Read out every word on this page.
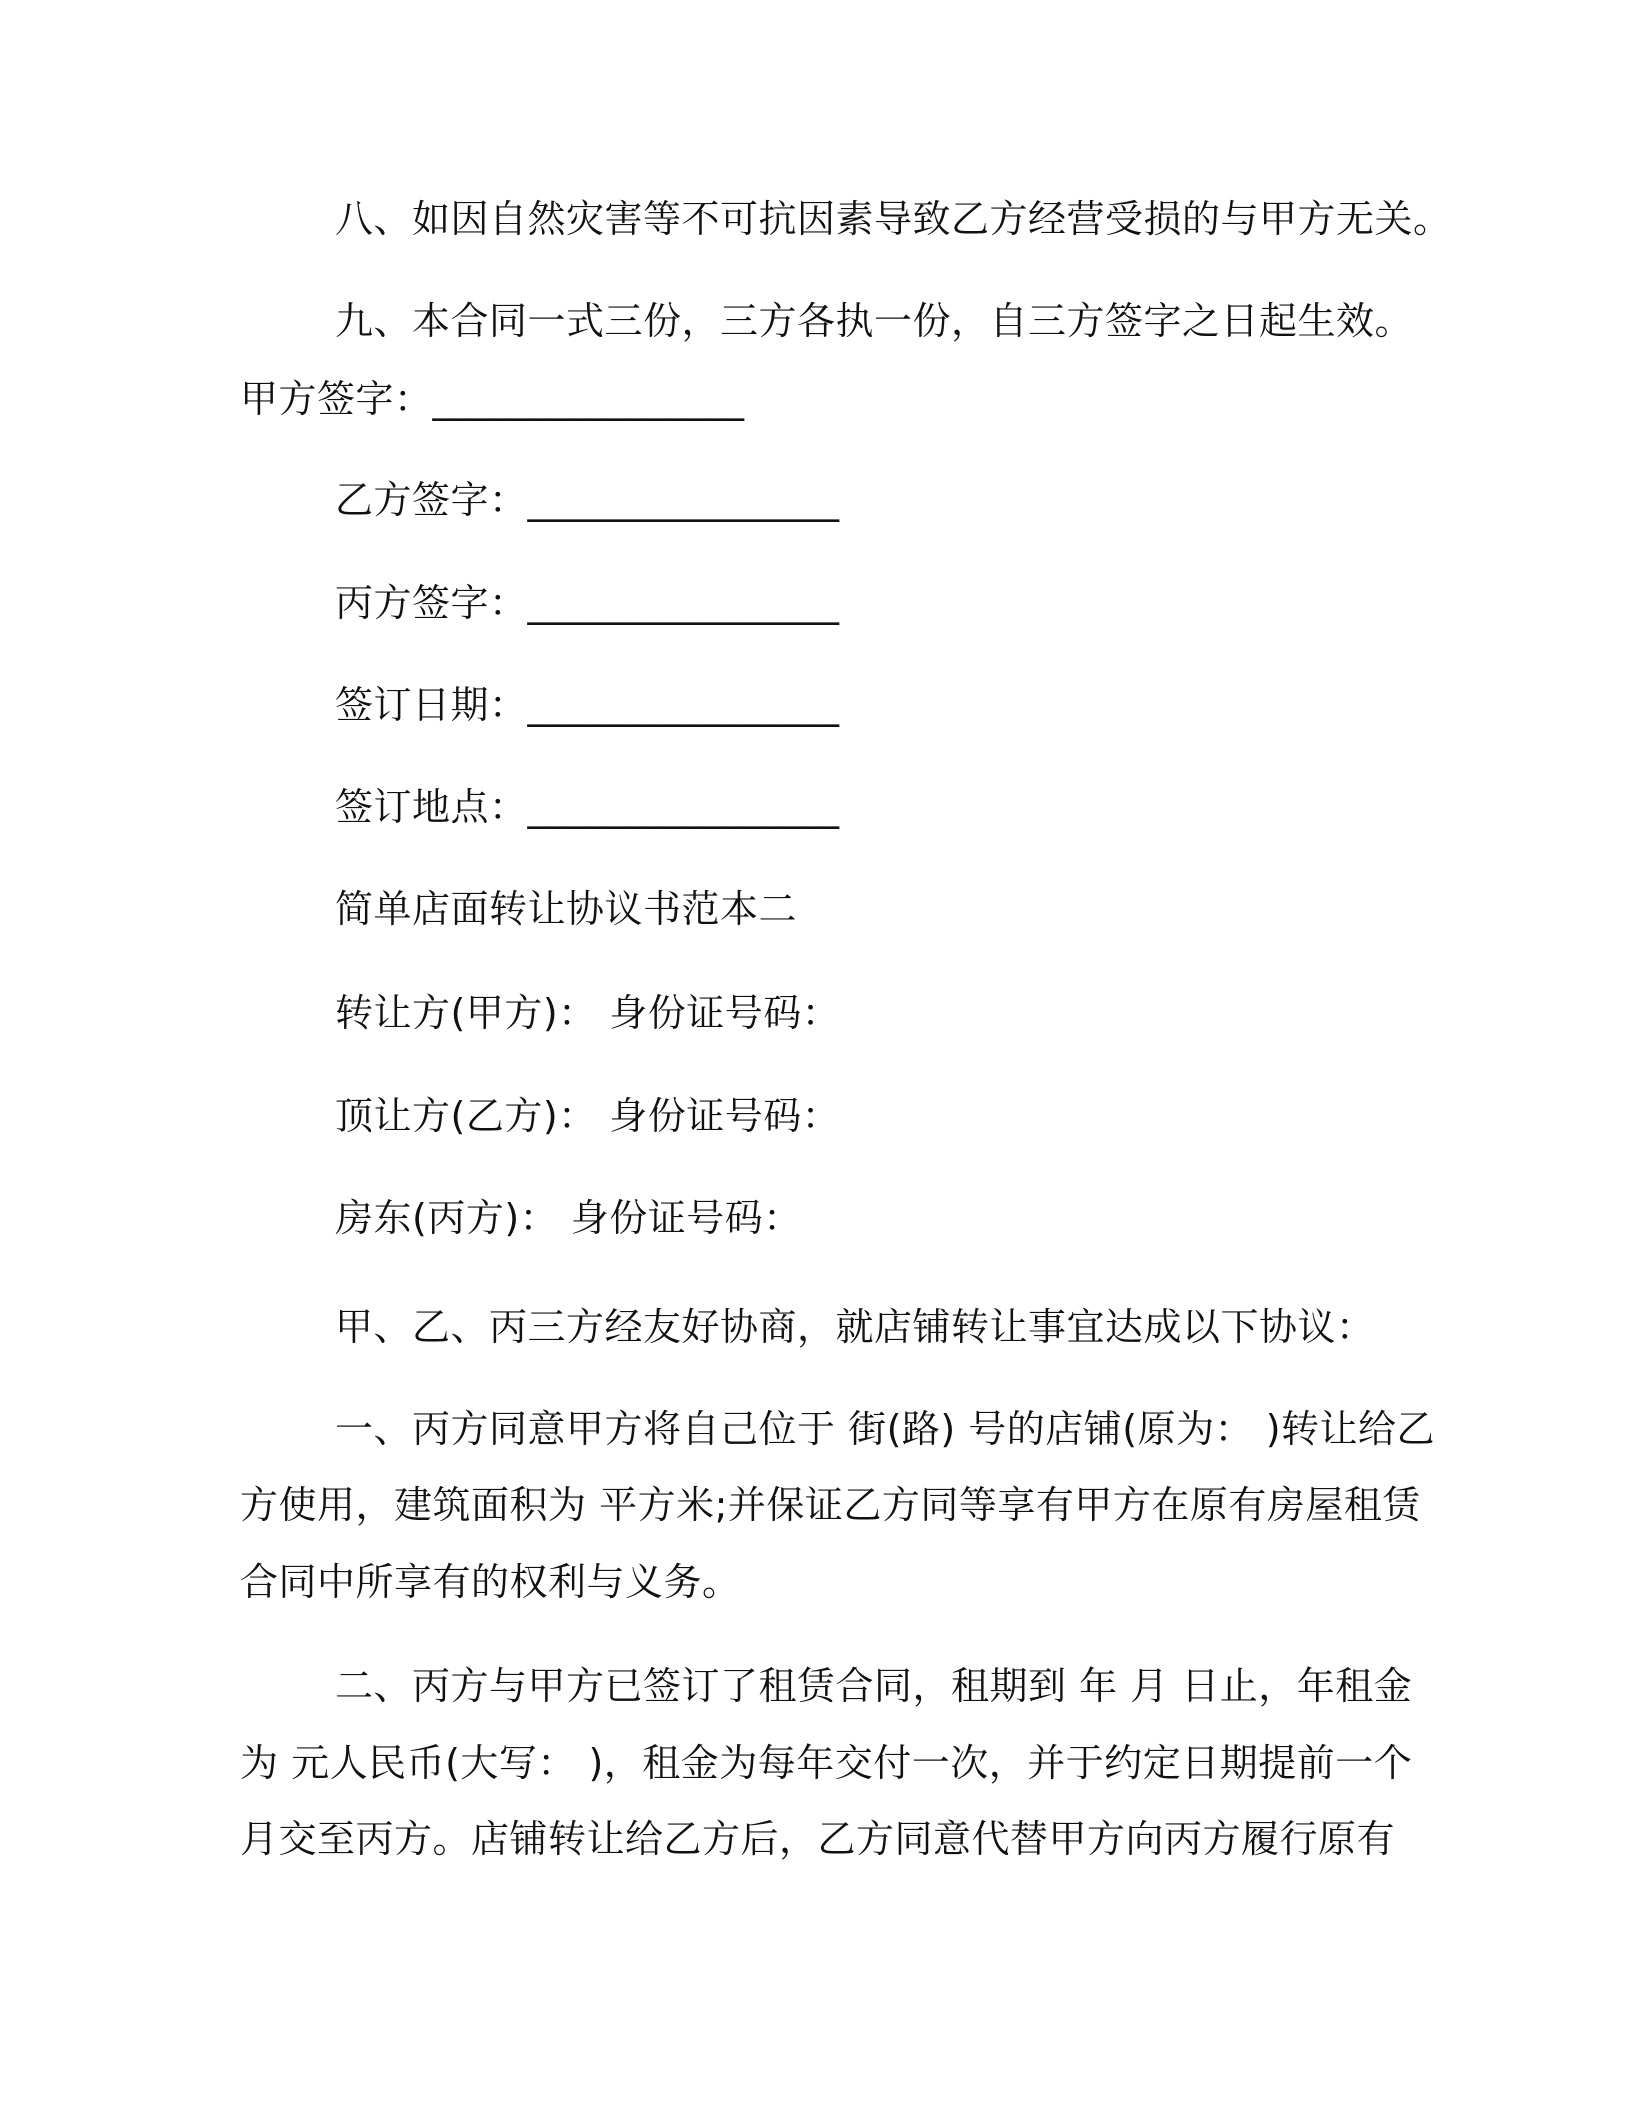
八、如因自然灾害等不可抗因素导致乙方经营受损的与甲方无关。
九、本合同一式三份，三方各执一份，自三方签字之日起生效。
甲方签字：________________
乙方签字：________________
丙方签字：________________
签订日期：________________
签订地点：________________
简单店面转让协议书范本二
转让方(甲方)： 身份证号码：
顶让方(乙方)： 身份证号码：
房东(丙方)： 身份证号码：
甲、乙、丙三方经友好协商，就店铺转让事宜达成以下协议：
一、丙方同意甲方将自己位于 街(路) 号的店铺(原为： )转让给乙
方使用，建筑面积为 平方米;并保证乙方同等享有甲方在原有房屋租赁
合同中所享有的权利与义务。
二、丙方与甲方已签订了租赁合同，租期到 年 月 日止，年租金
为 元人民币(大写： )，租金为每年交付一次，并于约定日期提前一个
月交至丙方。店铺转让给乙方后，乙方同意代替甲方向丙方履行原有
